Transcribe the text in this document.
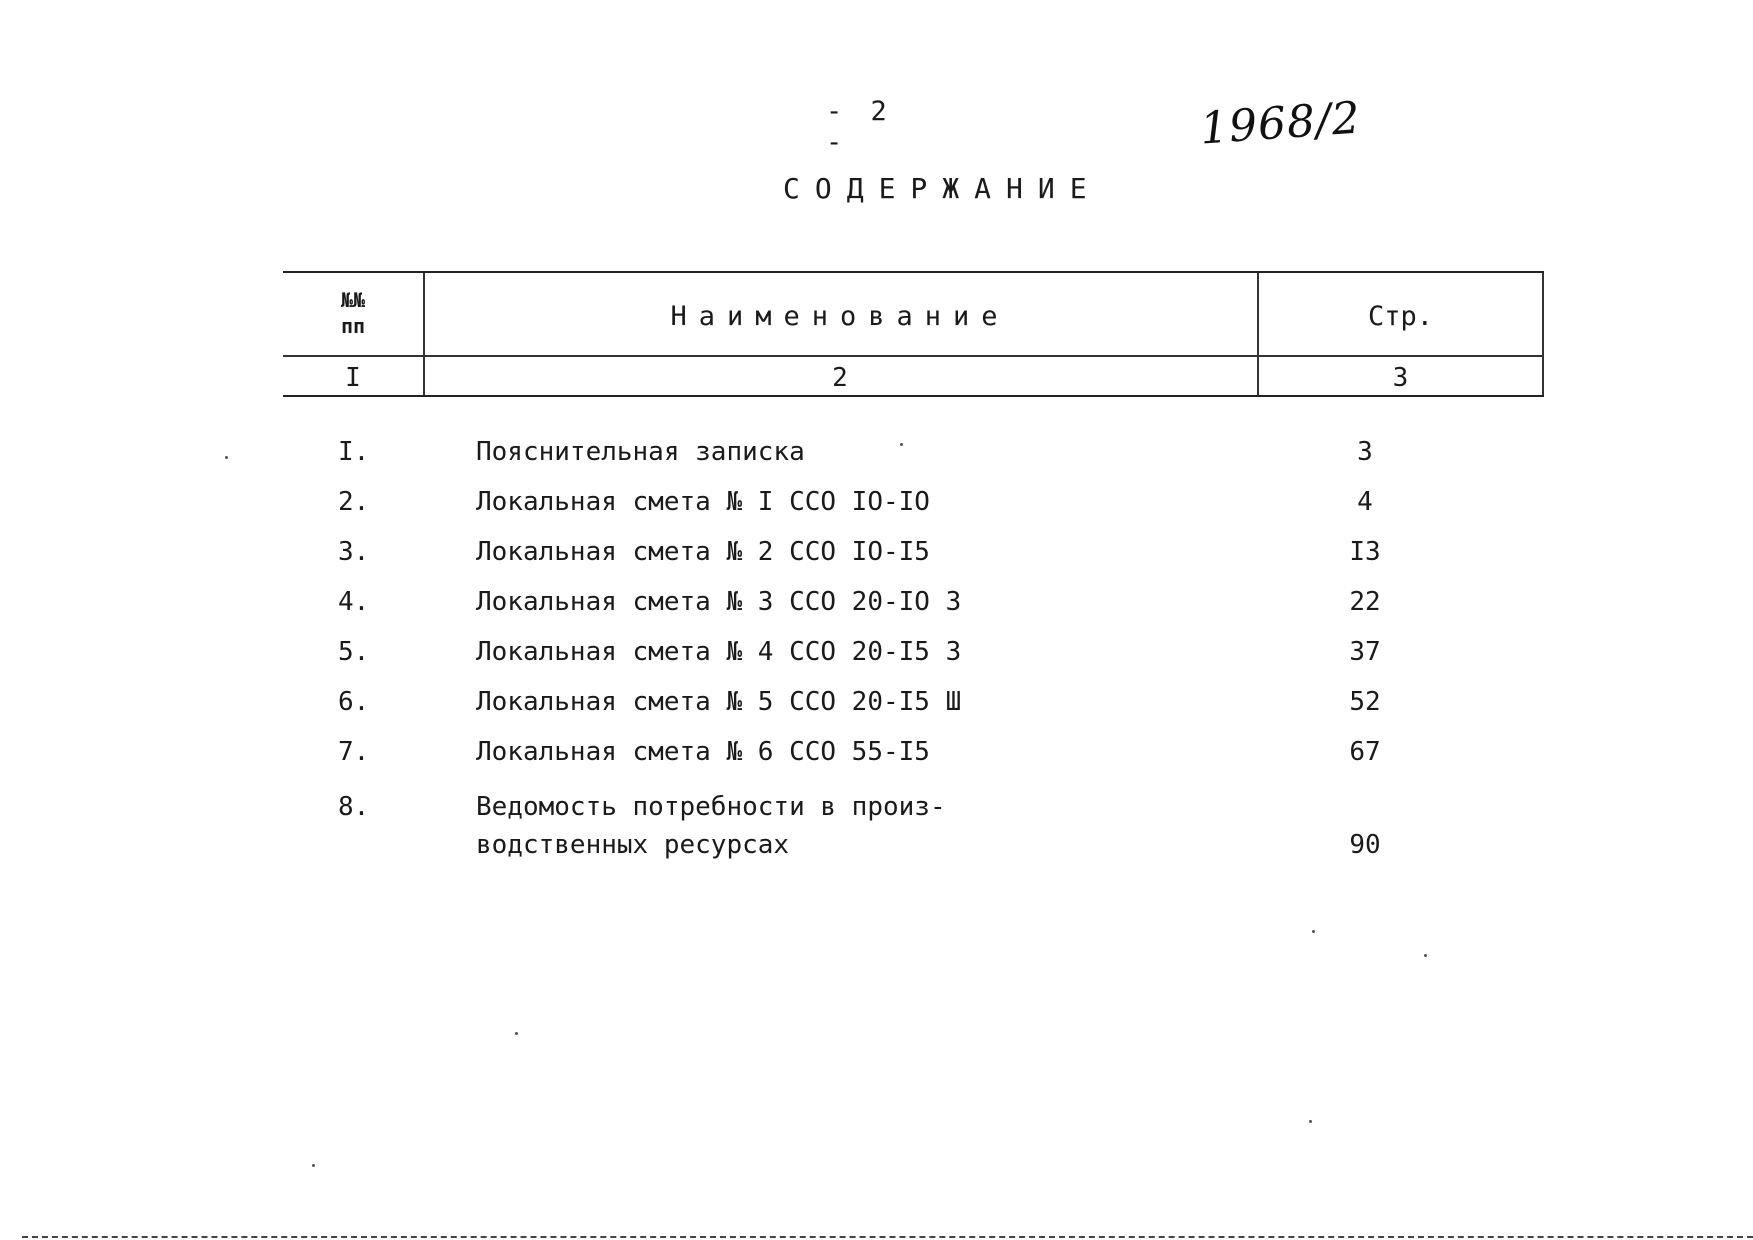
- 2 -	1968/2
СОДЕРЖАНИЕ
№№
пп	Наименование	Стр.
I	2	3
I.	Пояснительная записка	3
2.	Локальная смета № I ССО IO-IO	4
3.	Локальная смета № 2 ССО IO-I5	I3
4.	Локальная смета № 3 ССО 20-IO З	22
5.	Локальная смета № 4 ССО 20-I5 З	37
6.	Локальная смета № 5 ССО 20-I5 Ш	52
7.	Локальная смета № 6 ССО 55-I5	67
8.	Ведомость потребности в произ-
водственных ресурсах	90
